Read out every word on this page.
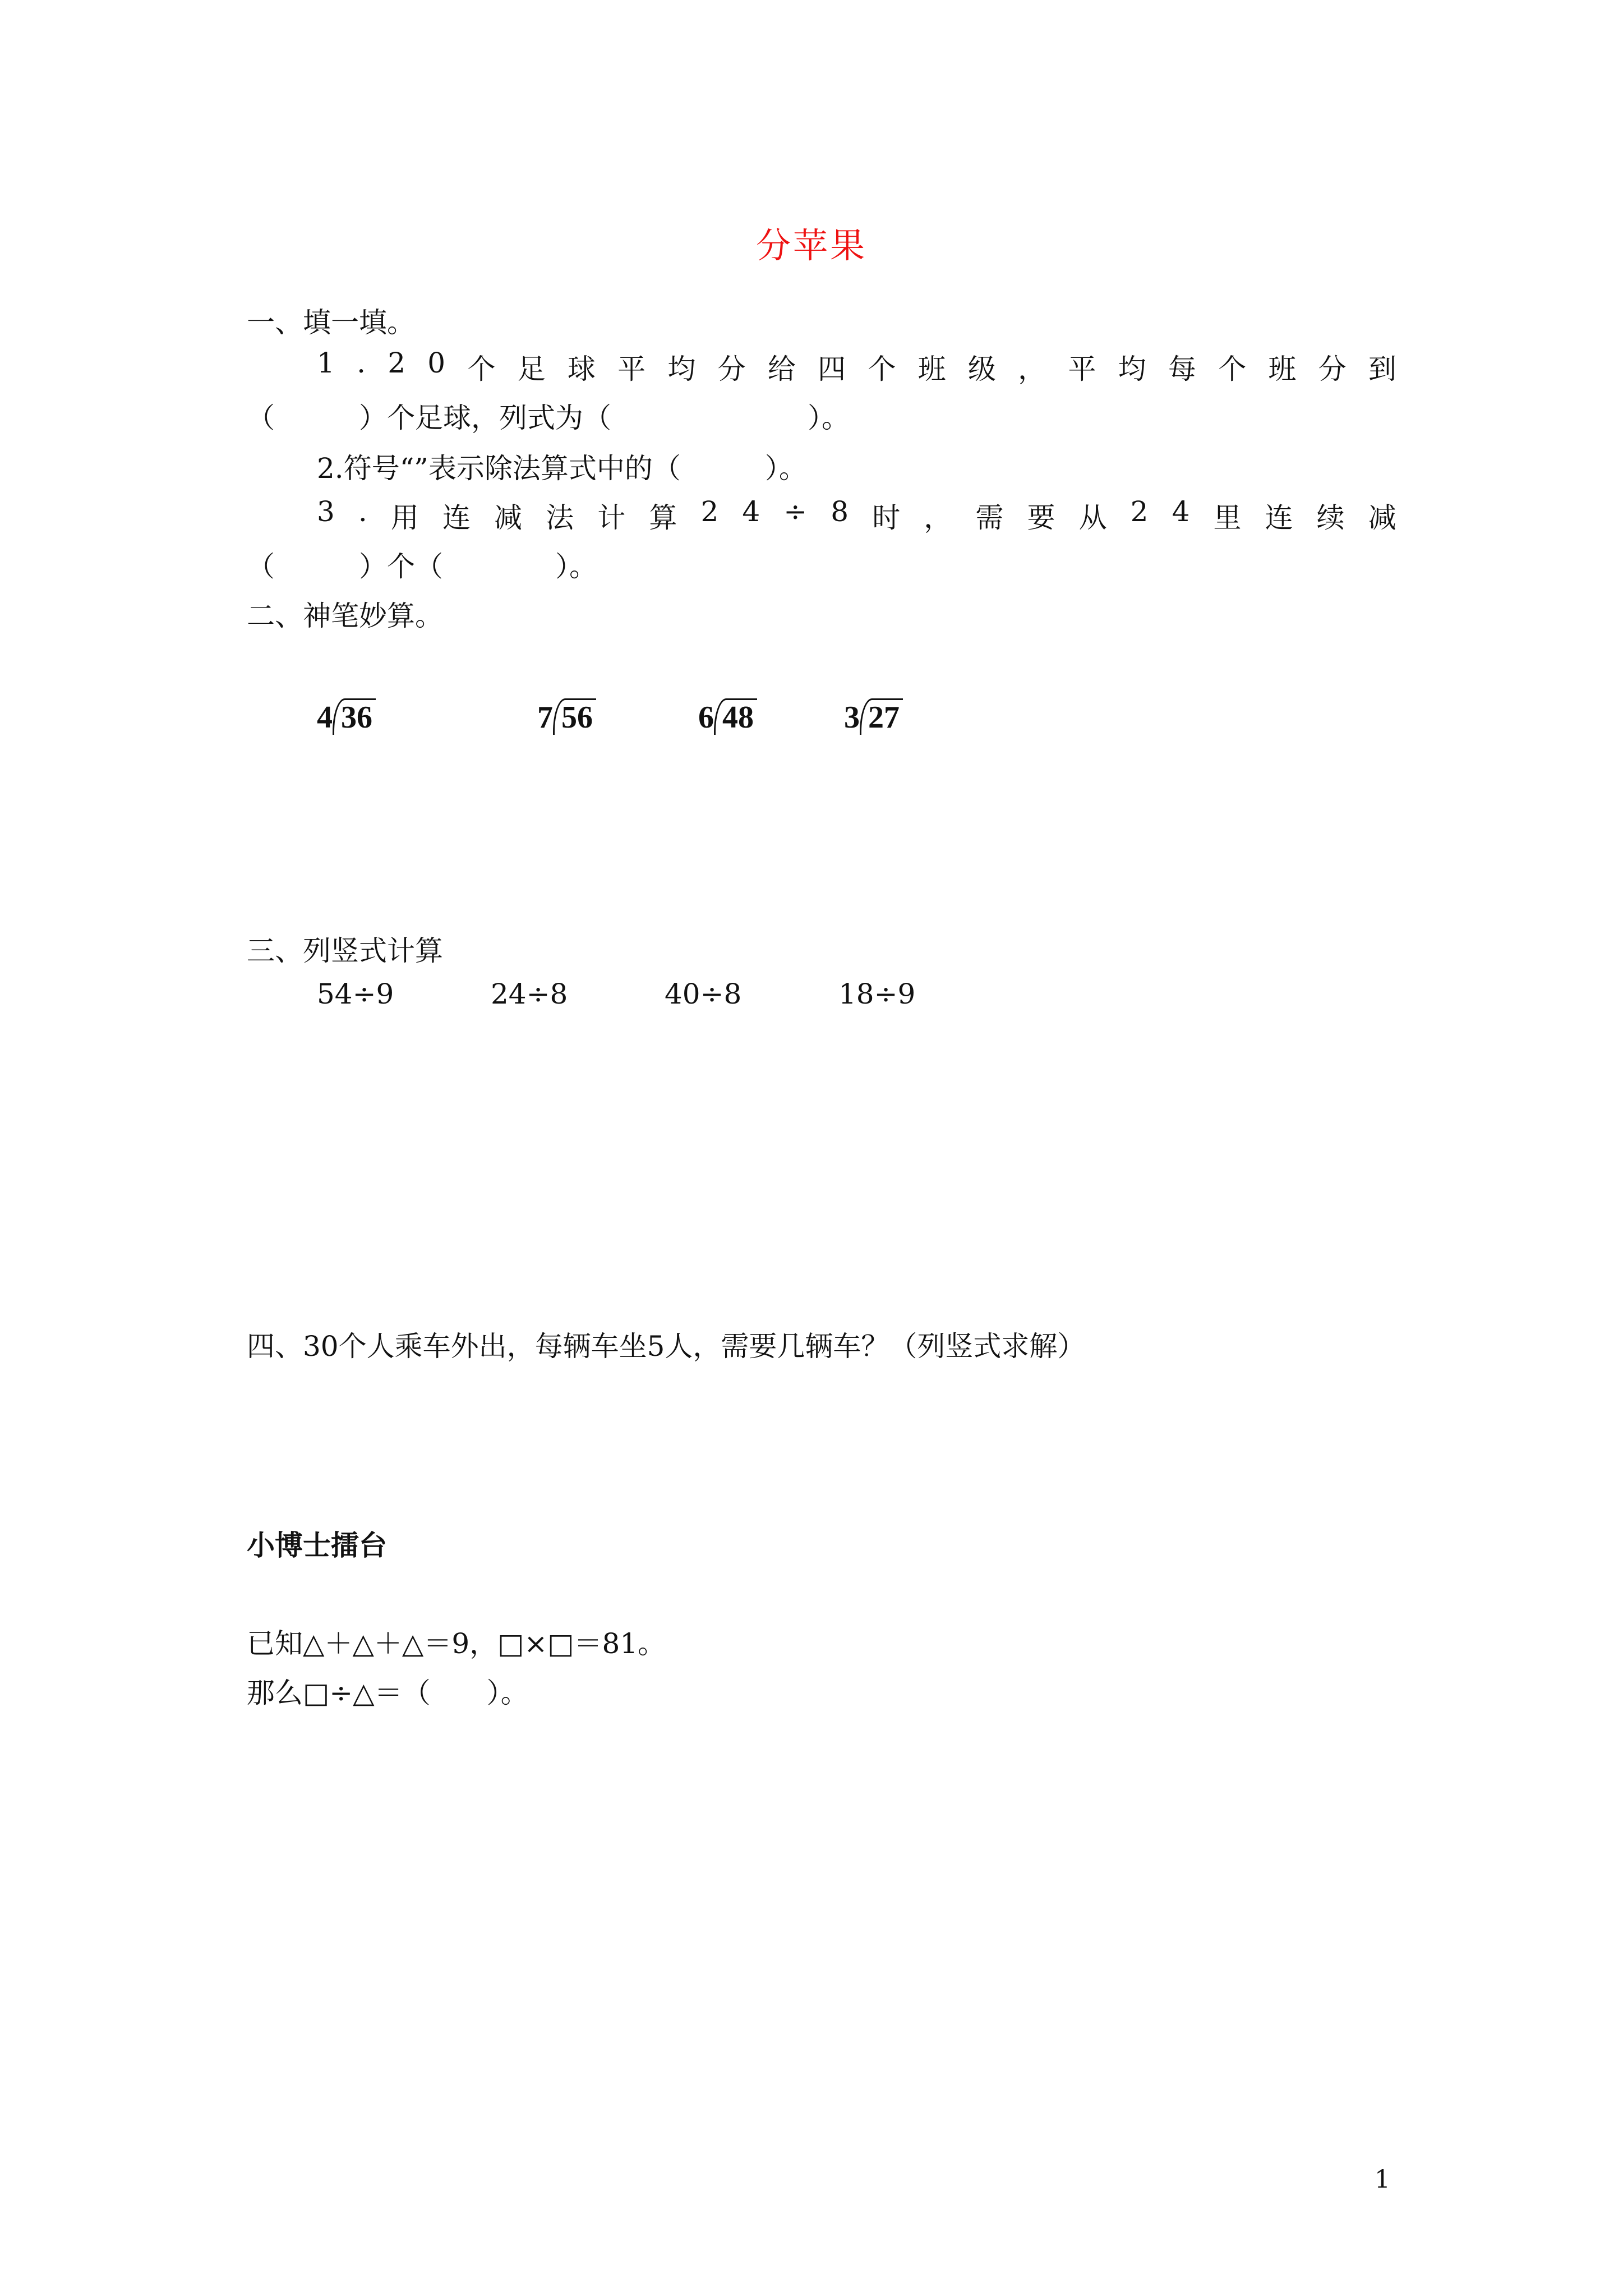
分苹果
一、填一填。
1 . 2 0 个 足 球 平 均 分 给 四 个 班 级 ， 平 均 每 个 班 分 到
（　　　）个足球，列式为（　　　　　　　）。
2.符号“”表示除法算式中的（　　　）。
3 . 用 连 减 法 计 算 2 4 ÷ 8 时 ， 需 要 从 2 4 里 连 续 减
（　　　）个（　　　　）。
二、神笔妙算。
4 36	7 56	6 48	3 27
三、列竖式计算
54÷9	24÷8	40÷8	18÷9
四、30个人乘车外出，每辆车坐5人，需要几辆车？（列竖式求解）
小博士擂台
已知△＋△＋△＝9，□×□＝81。
那么□÷△＝（　　）。
1
